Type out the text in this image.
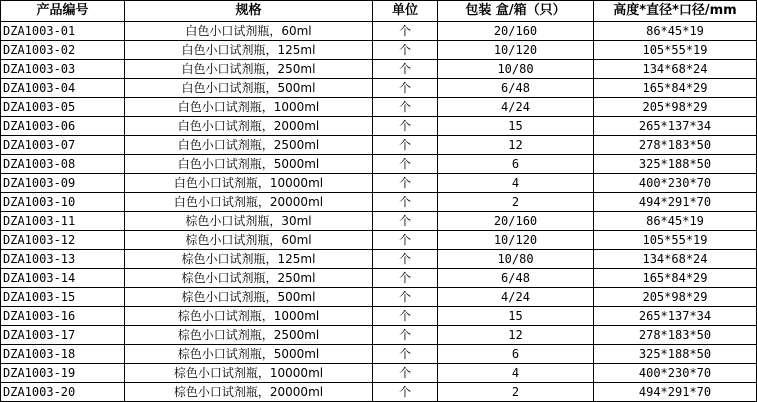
产品编号	规格	单位	包装 盒/箱（只）	高度*直径*口径/mm
DZA1003-01	白色小口试剂瓶，60ml	个	20/160	86*45*19
DZA1003-02	白色小口试剂瓶，125ml	个	10/120	105*55*19
DZA1003-03	白色小口试剂瓶，250ml	个	10/80	134*68*24
DZA1003-04	白色小口试剂瓶，500ml	个	6/48	165*84*29
DZA1003-05	白色小口试剂瓶，1000ml	个	4/24	205*98*29
DZA1003-06	白色小口试剂瓶，2000ml	个	15	265*137*34
DZA1003-07	白色小口试剂瓶，2500ml	个	12	278*183*50
DZA1003-08	白色小口试剂瓶，5000ml	个	6	325*188*50
DZA1003-09	白色小口试剂瓶，10000ml	个	4	400*230*70
DZA1003-10	白色小口试剂瓶，20000ml	个	2	494*291*70
DZA1003-11	棕色小口试剂瓶，30ml	个	20/160	86*45*19
DZA1003-12	棕色小口试剂瓶，60ml	个	10/120	105*55*19
DZA1003-13	棕色小口试剂瓶，125ml	个	10/80	134*68*24
DZA1003-14	棕色小口试剂瓶，250ml	个	6/48	165*84*29
DZA1003-15	棕色小口试剂瓶，500ml	个	4/24	205*98*29
DZA1003-16	棕色小口试剂瓶，1000ml	个	15	265*137*34
DZA1003-17	棕色小口试剂瓶，2500ml	个	12	278*183*50
DZA1003-18	棕色小口试剂瓶，5000ml	个	6	325*188*50
DZA1003-19	棕色小口试剂瓶，10000ml	个	4	400*230*70
DZA1003-20	棕色小口试剂瓶，20000ml	个	2	494*291*70
